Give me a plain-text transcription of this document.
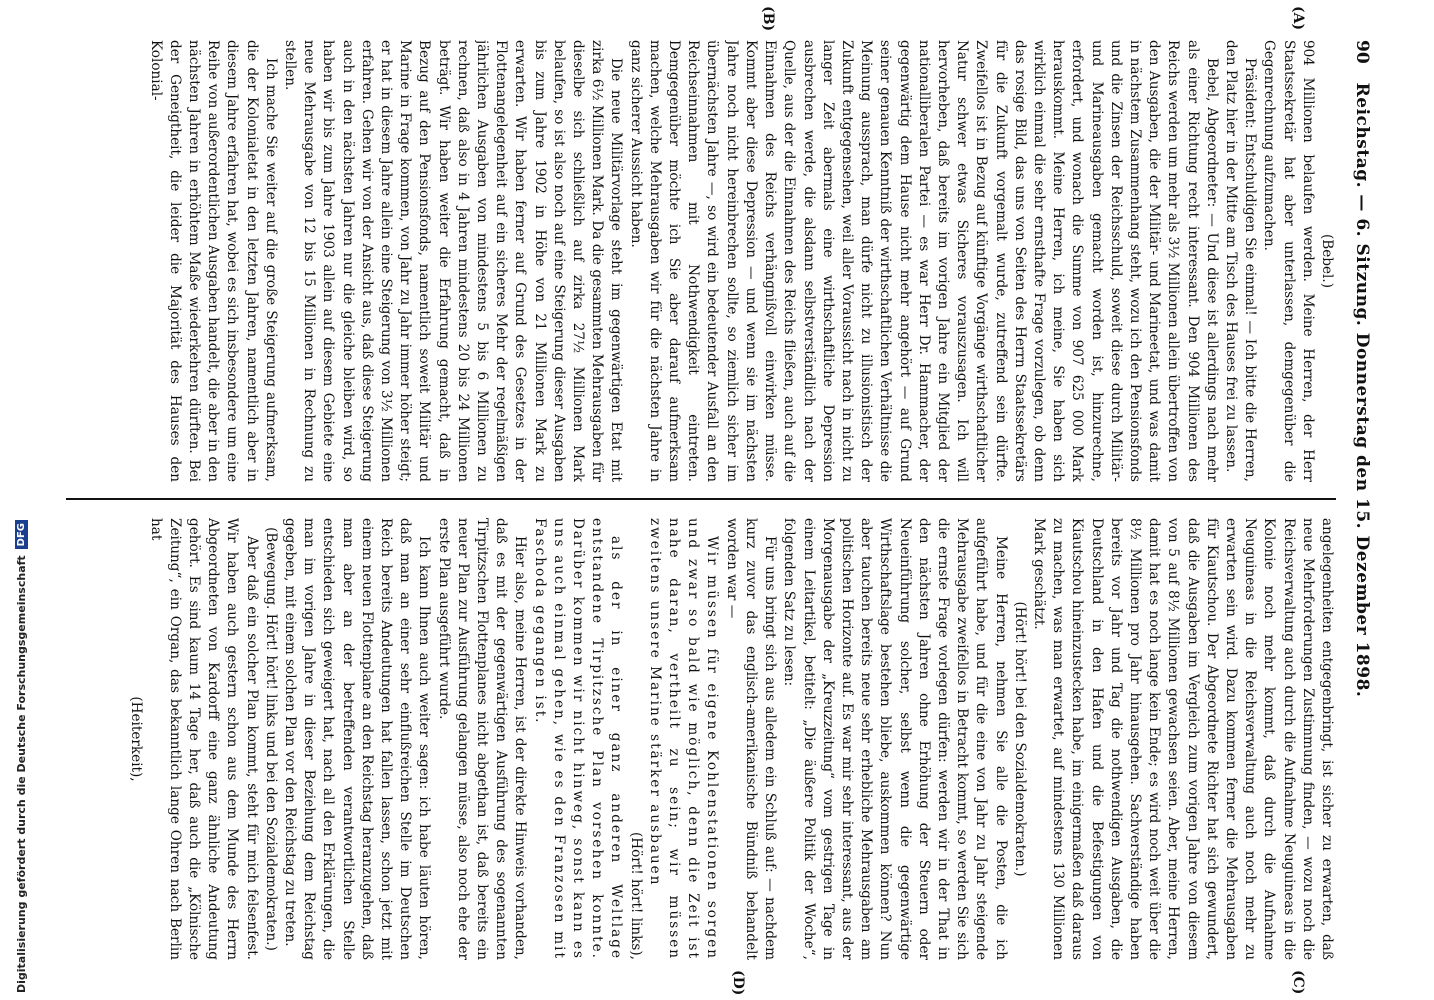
90
Reichstag. — 6. Sitzung. Donnerstag den 15. Dezember 1898.
(A)
(B)
(C)
(D)

(Bebel.)

904 Millionen belaufen werden. Meine Herren, der Herr Staatssekretär hat aber unterlassen, demgegenüber die Gegenrechnung aufzumachen.

Präsident: Entschuldigen Sie einmal! — Ich bitte die Herren, den Platz hier in der Mitte am Tisch des Hauses frei zu lassen.

Bebel, Abgeordneter: — Und diese ist allerdings nach mehr als einer Richtung recht interessant. Den 904 Millionen des Reichs werden um mehr als 3½ Millionen allein übertroffen von den Ausgaben, die der Militär- und Marineetat, und was damit in nächstem Zusammenhang steht, wozu ich den Pensionsfonds und die Zinsen der Reichsschuld, soweit diese durch Militär- und Marineausgaben gemacht worden ist, hinzurechne, erfordert, und wonach die Summe von 907 625 000 Mark herauskommt. Meine Herren, ich meine, Sie haben sich wirklich einmal die sehr ernsthafte Frage vorzulegen, ob denn das rosige Bild, das uns von Seiten des Herrn Staatssekretärs für die Zukunft vorgemalt wurde, zutreffend sein dürfte. Zweifellos ist in Bezug auf künftige Vorgänge wirthschaftlicher Natur schwer etwas Sicheres vorauszusagen. Ich will hervorheben, daß bereits im vorigen Jahre ein Mitglied der nationalliberalen Partei — es war Herr Dr. Hammacher, der gegenwärtig dem Hause nicht mehr angehört — auf Grund seiner genauen Kenntniß der wirthschaftlichen Verhältnisse die Meinung aussprach, man dürfe nicht zu illusionistisch der Zukunft entgegensehen, weil aller Voraussicht nach in nicht zu langer Zeit abermals eine wirthschaftliche Depression ausbrechen werde, die alsdann selbstverständlich nach der Quelle, aus der die Einnahmen des Reichs fließen, auch auf die Einnahmen des Reichs verhängnißvoll einwirken müsse. Kommt aber diese Depression — und wenn sie im nächsten Jahre noch nicht hereinbrechen sollte, so ziemlich sicher im übernächsten Jahre —, so wird ein bedeutender Ausfall an den Reichseinnahmen mit Nothwendigkeit eintreten. Demgegenüber möchte ich Sie aber darauf aufmerksam machen, welche Mehrausgaben wir für die nächsten Jahre in ganz sicherer Aussicht haben.

Die neue Militärvorlage steht im gegenwärtigen Etat mit zirka 6½ Millionen Mark. Da die gesammten Mehrausgaben für dieselbe sich schließlich auf zirka 27½ Millionen Mark belaufen, so ist also noch auf eine Steigerung dieser Ausgaben bis zum Jahre 1902 in Höhe von 21 Millionen Mark zu erwarten. Wir haben ferner auf Grund des Gesetzes in der Flottenangelegenheit auf ein sicheres Mehr der regelmäßigen jährlichen Ausgaben von mindestens 5 bis 6 Millionen zu rechnen, daß also in 4 Jahren mindestens 20 bis 24 Millionen beträgt. Wir haben weiter die Erfahrung gemacht, daß in Bezug auf den Pensionsfonds, namentlich soweit Militär und Marine in Frage kommen, von Jahr zu Jahr immer höher steigt; er hat in diesem Jahre allein eine Steigerung von 3½ Millionen erfahren. Gehen wir von der Ansicht aus, daß diese Steigerung auch in den nächsten Jahren nur die gleiche bleiben wird, so haben wir bis zum Jahre 1903 allein auf diesem Gebiete eine neue Mehrausgabe von 12 bis 15 Millionen in Rechnung zu stellen.

Ich mache Sie weiter auf die große Steigerung aufmerksam, die der Kolonialetat in den letzten Jahren, namentlich aber in diesem Jahre erfahren hat, wobei es sich insbesondere um eine Reihe von außerordentlichen Ausgaben handelt, die aber in den nächsten Jahren in erhöhtem Maße wiederkehren dürften. Bei der Geneigtheit, die leider die Majorität des Hauses den Kolonial-

angelegenheiten entgegenbringt, ist sicher zu erwarten, daß neue Mehrforderungen Zustimmung finden, — wozu noch die Reichsverwaltung auch durch die Aufnahme Neuguineas in die Kolonie noch mehr kommt, daß durch die Aufnahme Neuguineas in die Reichsverwaltung auch noch mehr zu erwarten sein wird. Dazu kommen ferner die Mehrausgaben für Kiautschou. Der Abgeordnete Richter hat sich gewundert, daß die Ausgaben im Vergleich zum vorigen Jahre von diesem von 5 auf 8½ Millionen gewachsen seien. Aber, meine Herren, damit hat es noch lange kein Ende; es wird noch weit über die 8½ Millionen pro Jahr hinausgehen. Sachverständige haben bereits vor Jahr und Tag die nothwendigen Ausgaben, die Deutschland in den Hafen und die Befestigungen von Kiautschou hineinzustecken habe, im einigermaßen daß daraus zu machen, was man erwartet, auf mindestens 130 Millionen Mark geschätzt.

(Hört! hört! bei den Sozialdemokraten.)

Meine Herren, nehmen Sie alle die Posten, die ich aufgeführt habe, und für die eine von Jahr zu Jahr steigende Mehrausgabe zweifellos in Betracht kommt, so werden Sie sich die ernste Frage vorlegen dürfen: werden wir in der That in den nächsten Jahren ohne Erhöhung der Steuern oder Neueinführung solcher, selbst wenn die gegenwärtige Wirthschaftslage bestehen bliebe, auskommen können? Nun aber tauchen bereits neue sehr erhebliche Mehrausgaben am politischen Horizonte auf. Es war mir sehr interessant, aus der Morgenausgabe der „Kreuzzeitung“ vom gestrigen Tage in einem Leitartikel, betitelt: „Die äußere Politik der Woche“, folgenden Satz zu lesen:

Für uns bringt sich aus alledem ein Schluß auf: — nachdem kurz zuvor das englisch-amerikanische Bündniß behandelt worden war —

Wir müssen für eigene Kohlenstationen sorgen und zwar so bald wie möglich, denn die Zeit ist nahe daran, vertheilt zu sein; wir müssen zweitens unsere Marine stärker ausbauen

(Hört! hört! links),

als der in einer ganz anderen Weltlage entstandene Tirpitzsche Plan vorsehen konnte. Darüber kommen wir nicht hinweg, sonst kann es uns auch einmal gehen, wie es den Franzosen mit Faschoda gegangen ist.

Hier also, meine Herren, ist der direkte Hinweis vorhanden, daß es mit der gegenwärtigen Ausführung des sogenannten Tirpitzschen Flottenplanes nicht abgethan ist, daß bereits ein neuer Plan zur Ausführung gelangen müsse, also noch ehe der erste Plan ausgeführt wurde.

Ich kann Ihnen auch weiter sagen: ich habe läuten hören, daß man an einer sehr einflußreichen Stelle im Deutschen Reich bereits Andeutungen hat fallen lassen, schon jetzt mit einem neuen Flottenplane an den Reichstag heranzugehen, daß man aber an der betreffenden verantwortlichen Stelle entschieden sich geweigert hat, nach all den Erklärungen, die man im vorigen Jahre in dieser Beziehung dem Reichstag gegeben, mit einem solchen Plan vor den Reichstag zu treten.

(Bewegung. Hört! hört! links und bei den Sozialdemokraten.)

Aber daß ein solcher Plan kommt, steht für mich felsenfest. Wir haben auch gestern schon aus dem Munde des Herrn Abgeordneten von Kardorff eine ganz ähnliche Andeutung gehört. Es sind kaum 14 Tage her, daß auch die „Kölnische Zeitung“, ein Organ, das bekanntlich lange Ohren nach Berlin hat

(Heiterkeit),

Digitalisierung gefördert durch die Deutsche Forschungsgemeinschaft
DFG
